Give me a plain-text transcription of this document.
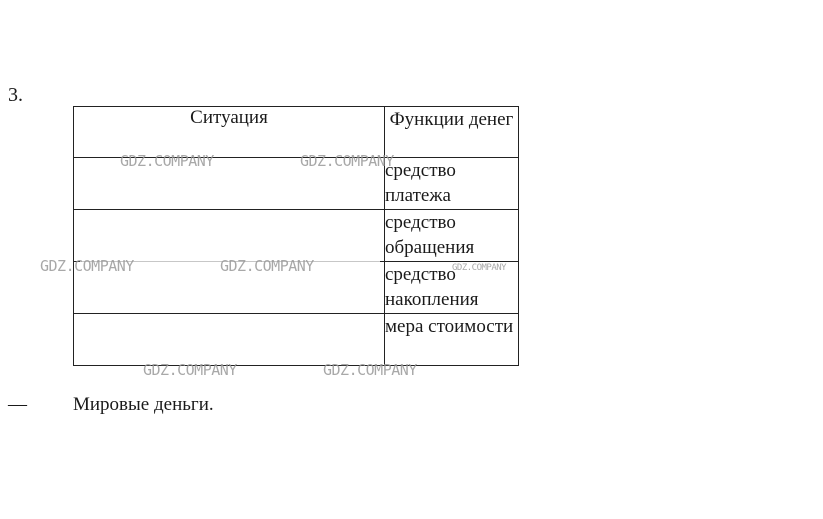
3.
Ситуация	Функции денег
	средство платежа
	средство обращения
	средство накопления
	мера стоимости
— Мировые деньги.
GDZ.COMPANY	GDZ.COMPANY
GDZ.COMPANY	GDZ.COMPANY	GDZ.COMPANY
GDZ.COMPANY	GDZ.COMPANY
